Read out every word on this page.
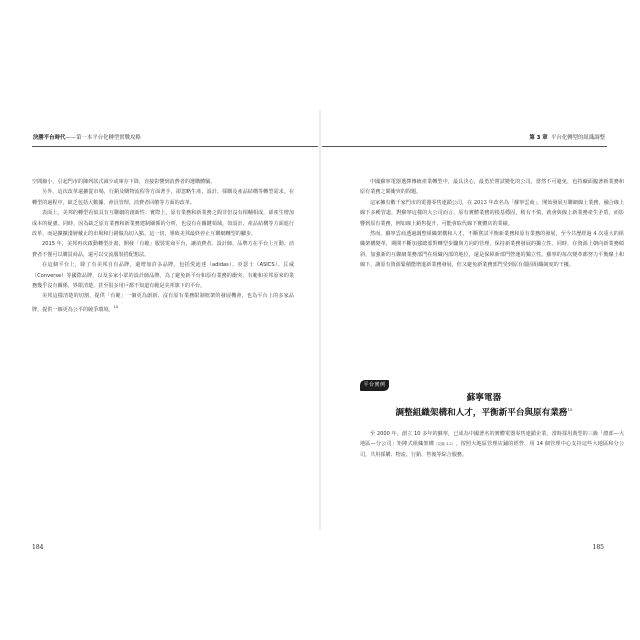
決勝平台時代——第一本平台化轉型實戰攻略

空間縮小，引起門市的陳列款式減少或庫存下降，直接影響到消費者的選購體驗。

另外，這次改革還擴從市場，行銷及購物流程等方面著手，卻忽略生產、設計、採購及產品結構等轉型需求。在轉型的過程中，缺乏包括大數據、會員管理、消費者回饋等方面的改革。

表面上，美邦的轉型看似具有互聯網的創新性：實際上，原有業務和新業務之間非但沒有相輔相成，卻產生增加成本的疑慮。同時，因為缺乏原有業務和新業務建制關係的分析，也沒有在關鍵領域，如設計、產品結構等方面進行改革，而是擴擴淺層戴止的市場和行銷做為切入點。這一切，導致美邦最終停止互聯網轉型的腳步。

2015 年，美邦再次啟動轉型計畫，開發「有範」服裝電商平台，讓消費者、設計師、品牌方在平台上互動。消費者不僅可以購買商品，還可以交流服裝搭配想法。

在這個平台上，除了有美邦自有品牌，還增加許多品牌，包括愛迪達（adidas）、亞瑟士（ASICS）、匡威（Converse）等國際品牌，以及多家小眾的設計師品牌。為了避免新平台和原有業務的衝突，有範和美邦原來的業務幾乎沒有關係，界限清楚，甚至很多用戶都不知道有範是美邦旗下的平台。

美邦這樣清楚的切割，提供「有範」一個更為創新、沒有原有業務限制框架的發展機會，也為平台上的多家品牌，提供一個更為公平的競爭環境。$^{14}$

184
第 3 章 平台化轉型的組織調整

中國蘇寧電器選擇傳統產業轉型中，最具決心，最勇於嘗試變化的公司，當然不可避免，也持續面臨著新業務和原有業務之間衝突的問題。

這家擁有數千家門市的電器零售連鎖公司，在 2013 年改名為「蘇寧雲商」，開始發展互聯網線上業務，融合線上線下多種管道，對蘇寧這樣的大公司而言，原有實體業務的根基穩固，稍有不慎，就會與線上新業務產生矛盾，而影響到原有業務，例如線上銷售提升，可能會取代線下實體店的業績。

然而，蘇寧雲商透過調整組織架構和人才，不斷嘗試平衡新業務和原有業務的發展，至今共歷經過 4 次重大的組織架構變革，期間不斷加強總部對轉型步驟與方向的管理，保持新業務發展的獨立性。同時，在資源上朝向新業務傾斜，加強新的互聯網業務部門在組織內部的地位，還是保障新部門營運的獨立性。蘇寧的每次變革都努力平衡線上和線下，讓原有資源緊積能增進新業務發展，但又避免新業務部門受到原有僵固組織制度的干擾。

平台實例
蘇寧電器
調整組織架構和人才，平衡新平台與原有業務$^{15}$

至 2000 年，創立 10 多年的蘇寧，已成為中國著名的實體電器零售連鎖企業，當時採用典型的三級「總部—大地區—分公司」矩陣式組織架構（見圖 3-2），按照大地區管理店鋪的經營，用 14 個管理中心支持這些大地區和分公司，共用採購、物流、行銷、售後等綜合服務。

185
